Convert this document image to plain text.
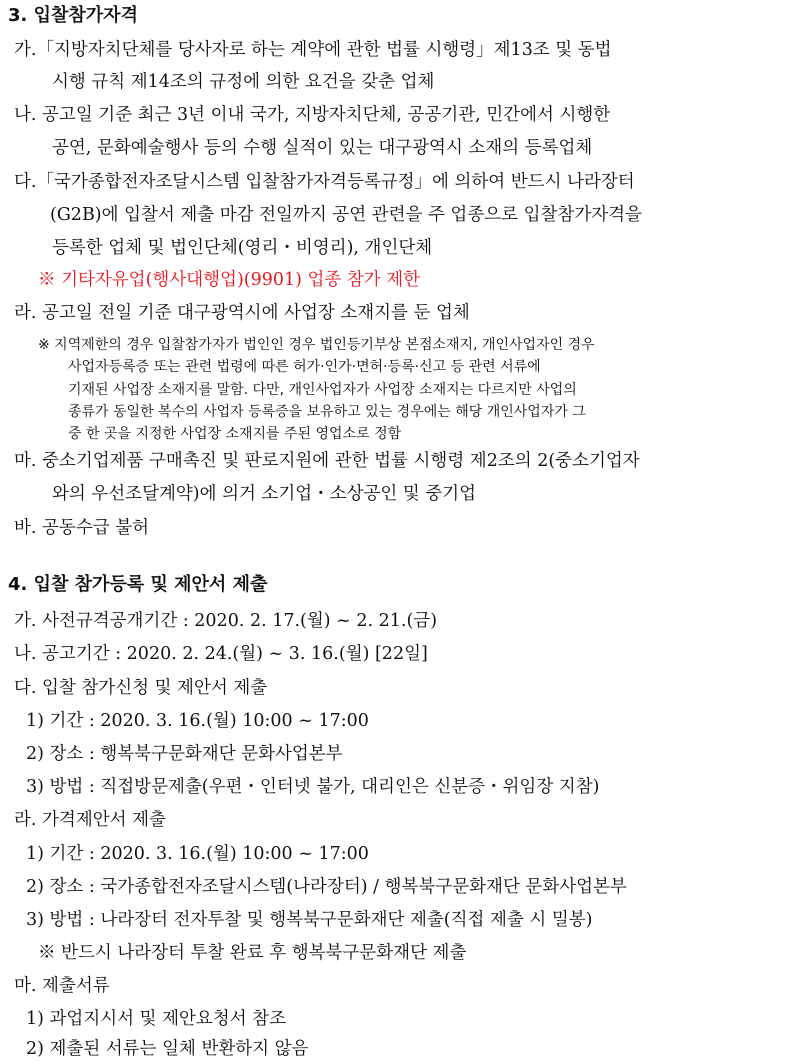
3. 입찰참가자격
가.「지방자치단체를 당사자로 하는 계약에 관한 법률 시행령」제13조 및 동법
시행 규칙 제14조의 규정에 의한 요건을 갖춘 업체
나. 공고일 기준 최근 3년 이내 국가, 지방자치단체, 공공기관, 민간에서 시행한
공연, 문화예술행사 등의 수행 실적이 있는 대구광역시 소재의 등록업체
다.「국가종합전자조달시스템 입찰참가자격등록규정」에 의하여 반드시 나라장터
(G2B)에 입찰서 제출 마감 전일까지 공연 관련을 주 업종으로 입찰참가자격을
등록한 업체 및 법인단체(영리・비영리), 개인단체
※ 기타자유업(행사대행업)(9901) 업종 참가 제한
라. 공고일 전일 기준 대구광역시에 사업장 소재지를 둔 업체
※ 지역제한의 경우 입찰참가자가 법인인 경우 법인등기부상 본점소재지, 개인사업자인 경우
사업자등록증 또는 관련 법령에 따른 허가·인가·면허·등록·신고 등 관련 서류에
기재된 사업장 소재지를 말함. 다만, 개인사업자가 사업장 소재지는 다르지만 사업의
종류가 동일한 복수의 사업자 등록증을 보유하고 있는 경우에는 해당 개인사업자가 그
중 한 곳을 지정한 사업장 소재지를 주된 영업소로 정함
마. 중소기업제품 구매촉진 및 판로지원에 관한 법률 시행령 제2조의 2(중소기업자
와의 우선조달계약)에 의거 소기업・소상공인 및 중기업
바. 공동수급 불허
4. 입찰 참가등록 및 제안서 제출
가. 사전규격공개기간 : 2020. 2. 17.(월) ~ 2. 21.(금)
나. 공고기간 : 2020. 2. 24.(월) ~ 3. 16.(월) [22일]
다. 입찰 참가신청 및 제안서 제출
1) 기간 : 2020. 3. 16.(월) 10:00 ~ 17:00
2) 장소 : 행복북구문화재단 문화사업본부
3) 방법 : 직접방문제출(우편・인터넷 불가, 대리인은 신분증・위임장 지참)
라. 가격제안서 제출
1) 기간 : 2020. 3. 16.(월) 10:00 ~ 17:00
2) 장소 : 국가종합전자조달시스템(나라장터) / 행복북구문화재단 문화사업본부
3) 방법 : 나라장터 전자투찰 및 행복북구문화재단 제출(직접 제출 시 밀봉)
※ 반드시 나라장터 투찰 완료 후 행복북구문화재단 제출
마. 제출서류
1) 과업지시서 및 제안요청서 참조
2) 제출된 서류는 일체 반환하지 않음
